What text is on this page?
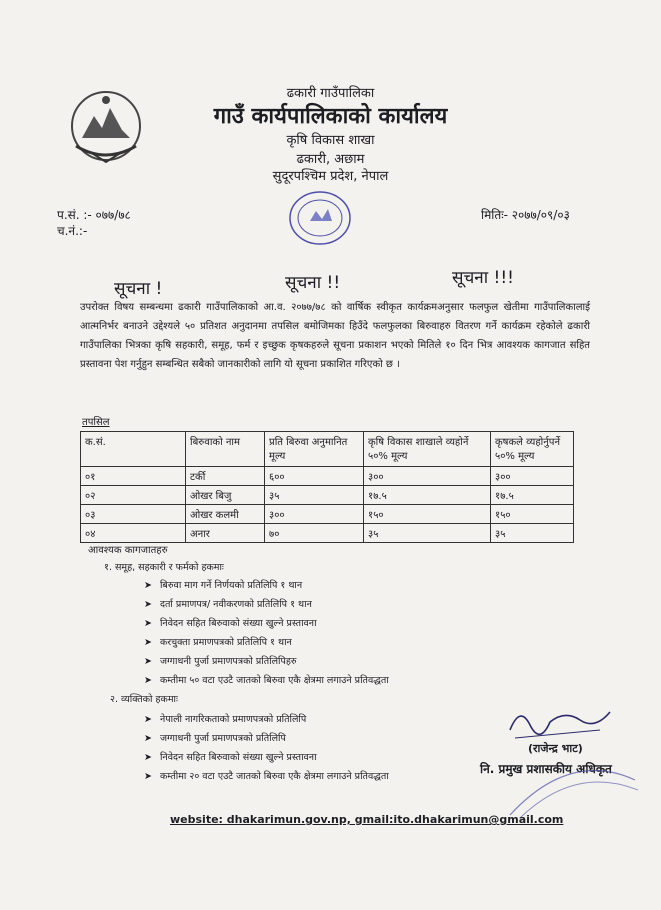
ढकारी गाउँपालिका
गाउँ कार्यपालिकाको कार्यालय
कृषि विकास शाखा
ढकारी, अछाम
सुदूरपश्चिम प्रदेश, नेपाल
प.सं. :- ०७७/७८
च.नं.:-
मितिः- २०७७/०९/०३
सूचना !	सूचना !!	सूचना !!!
उपरोक्त विषय सम्बन्धमा ढकारी गाउँपालिकाको आ.व. २०७७/७८ को वार्षिक स्वीकृत कार्यक्रमअनुसार फलफुल खेतीमा गाउँपालिकालाई आत्मनिर्भर बनाउने उद्देश्यले ५० प्रतिशत अनुदानमा तपसिल बमोजिमका हिउँदे फलफुलका बिरुवाहरु वितरण गर्ने कार्यक्रम रहेकोले ढकारी गाउँपालिका भित्रका कृषि सहकारी, समूह, फर्म र इच्छुक कृषकहरुले सूचना प्रकाशन भएको मितिले १० दिन भित्र आवश्यक कागजात सहित प्रस्तावना पेश गर्नुहुन सम्बन्धित सबैको जानकारीको लागि यो सूचना प्रकाशित गरिएको छ ।
तपसिल
क.सं.	बिरुवाको नाम	प्रति बिरुवा अनुमानित मूल्य	कृषि विकास शाखाले व्यहोर्ने ५०% मूल्य	कृषकले व्यहोर्नुपर्ने ५०% मूल्य
०१	टर्की	६००	३००	३००
०२	ओखर बिजु	३५	१७.५	१७.५
०३	ओखर कलमी	३००	१५०	१५०
०४	अनार	७०	३५	३५
आवश्यक कागजातहरु
१. समूह, सहकारी र फर्मको हकमाः
➤ बिरुवा माग गर्ने निर्णयको प्रतिलिपि १ थान
➤ दर्ता प्रमाणपत्र/ नवीकरणको प्रतिलिपि १ थान
➤ निवेदन सहित बिरुवाको संख्या खुल्ने प्रस्तावना
➤ करचुक्ता प्रमाणपत्रको प्रतिलिपि १ थान
➤ जग्गाधनी पुर्जा प्रमाणपत्रको प्रतिलिपिहरु
➤ कम्तीमा ५० वटा एउटै जातको बिरुवा एकै क्षेत्रमा लगाउने प्रतिवद्धता
२. व्यक्तिको हकमाः
➤ नेपाली नागरिकताको प्रमाणपत्रको प्रतिलिपि
➤ जग्गाधनी पुर्जा प्रमाणपत्रको प्रतिलिपि
➤ निवेदन सहित बिरुवाको संख्या खुल्ने प्रस्तावना
➤ कम्तीमा २० वटा एउटै जातको बिरुवा एकै क्षेत्रमा लगाउने प्रतिवद्धता
(राजेन्द्र भाट)
नि. प्रमुख प्रशासकीय अधिकृत
website: dhakarimun.gov.np, gmail:ito.dhakarimun@gmail.com
